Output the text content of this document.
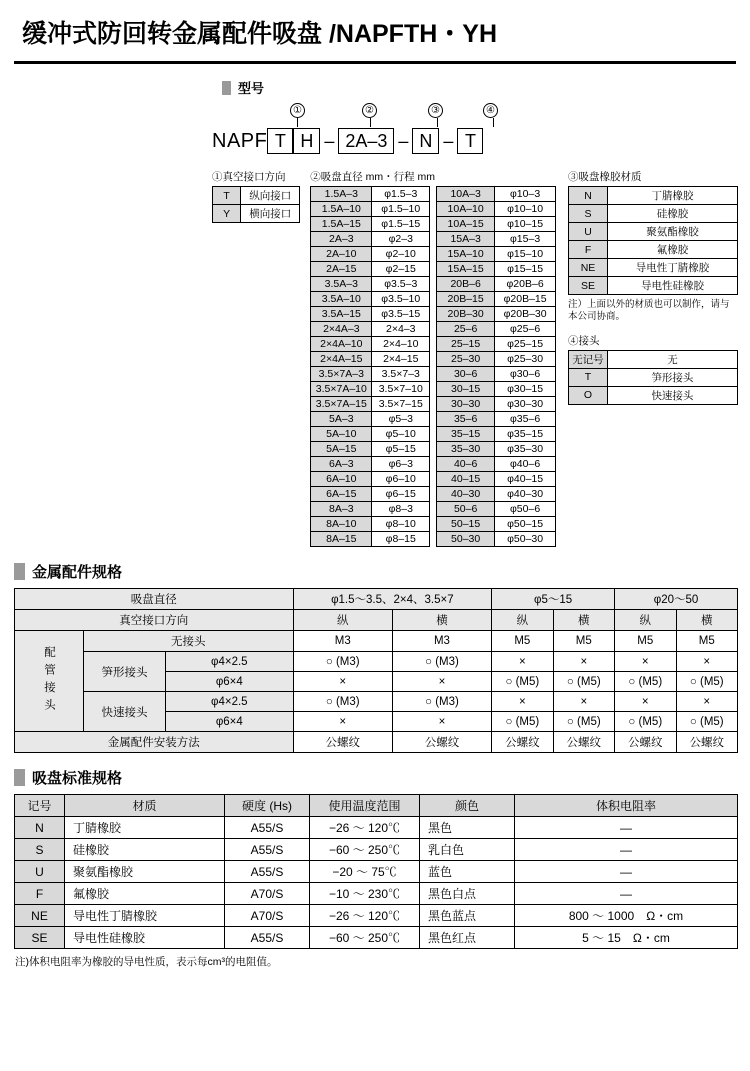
缓冲式防回转金属配件吸盘 /NAPFTH・YH
型号
①	②	③	④
NAPF T H – 2A–3 – N – T
①真空接口方向
T	纵向接口
Y	横向接口
②吸盘直径 mm・行程 mm
1.5A–3	φ1.5–3
1.5A–10	φ1.5–10
1.5A–15	φ1.5–15
2A–3	φ2–3
2A–10	φ2–10
2A–15	φ2–15
3.5A–3	φ3.5–3
3.5A–10	φ3.5–10
3.5A–15	φ3.5–15
2×4A–3	2×4–3
2×4A–10	2×4–10
2×4A–15	2×4–15
3.5×7A–3	3.5×7–3
3.5×7A–10	3.5×7–10
3.5×7A–15	3.5×7–15
5A–3	φ5–3
5A–10	φ5–10
5A–15	φ5–15
6A–3	φ6–3
6A–10	φ6–10
6A–15	φ6–15
8A–3	φ8–3
8A–10	φ8–10
8A–15	φ8–15
10A–3	φ10–3
10A–10	φ10–10
10A–15	φ10–15
15A–3	φ15–3
15A–10	φ15–10
15A–15	φ15–15
20B–6	φ20B–6
20B–15	φ20B–15
20B–30	φ20B–30
25–6	φ25–6
25–15	φ25–15
25–30	φ25–30
30–6	φ30–6
30–15	φ30–15
30–30	φ30–30
35–6	φ35–6
35–15	φ35–15
35–30	φ35–30
40–6	φ40–6
40–15	φ40–15
40–30	φ40–30
50–6	φ50–6
50–15	φ50–15
50–30	φ50–30
③吸盘橡胶材质
N	丁腈橡胶
S	硅橡胶
U	聚氨酯橡胶
F	氟橡胶
NE	导电性丁腈橡胶
SE	导电性硅橡胶
注）上面以外的材质也可以制作，请与本公司协商。
④接头
无记号	无
T	笋形接头
O	快速接头
金属配件规格
吸盘直径			φ1.5～3.5、2×4、3.5×7		φ5～15		φ20～50	
真空接口方向			纵	横	纵	横	纵	横
配管接头	无接头		M3	M3	M5	M5	M5	M5
	笋形接头	φ4×2.5	○ (M3)	○ (M3)	×	×	×	×
		φ6×4	×	×	○ (M5)	○ (M5)	○ (M5)	○ (M5)
	快速接头	φ4×2.5	○ (M3)	○ (M3)	×	×	×	×
		φ6×4	×	×	○ (M5)	○ (M5)	○ (M5)	○ (M5)
金属配件安装方法			公螺纹	公螺纹	公螺纹	公螺纹	公螺纹	公螺纹
吸盘标准规格
记号	材质	硬度 (Hs)	使用温度范围	颜色	体积电阻率
N	丁腈橡胶	A55/S	−26 ～ 120℃	黑色	—
S	硅橡胶	A55/S	−60 ～ 250℃	乳白色	—
U	聚氨酯橡胶	A55/S	−20 ～ 75℃	蓝色	—
F	氟橡胶	A70/S	−10 ～ 230℃	黑色白点	—
NE	导电性丁腈橡胶	A70/S	−26 ～ 120℃	黑色蓝点	800 ～ 1000　Ω・cm
SE	导电性硅橡胶	A55/S	−60 ～ 250℃	黑色红点	5 ～ 15　Ω・cm
注)体积电阻率为橡胶的导电性质，表示每cm³的电阻值。
